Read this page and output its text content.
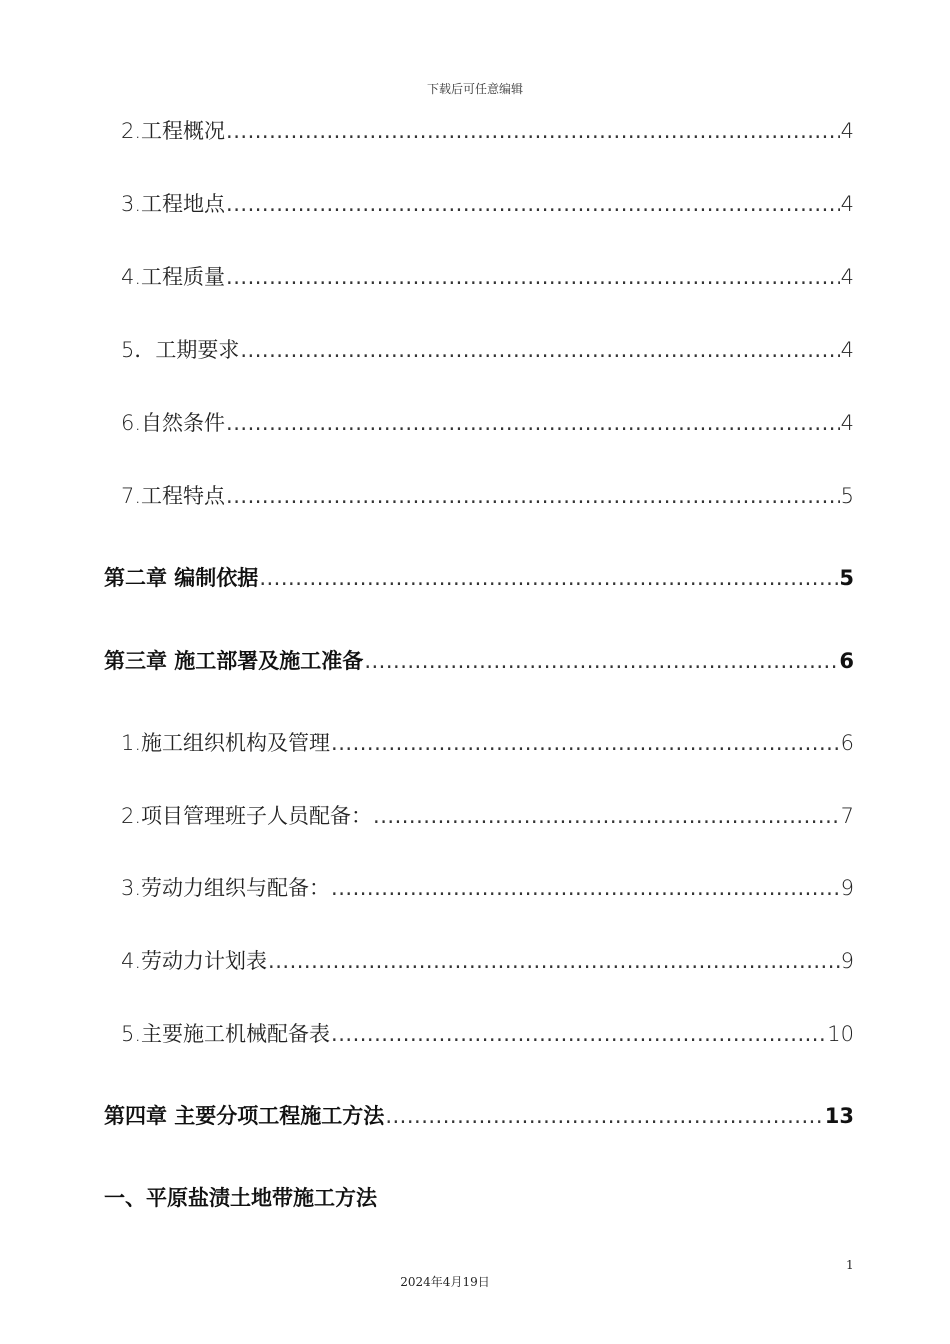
下载后可任意编辑
2.工程概况 .....	4
3.工程地点 .....	4
4.工程质量 .....	4
5．工期要求 .....	4
6.自然条件 .....	4
7.工程特点 .....	5
第二章 编制依据 .....	5
第三章 施工部署及施工准备 .....	6
1.施工组织机构及管理 .....	6
2.项目管理班子人员配备： .....	7
3.劳动力组织与配备： .....	9
4.劳动力计划表 .....	9
5.主要施工机械配备表 .....	10
第四章 主要分项工程施工方法 .....	13
一、平原盐渍土地带施工方法
1
2024年4月19日
